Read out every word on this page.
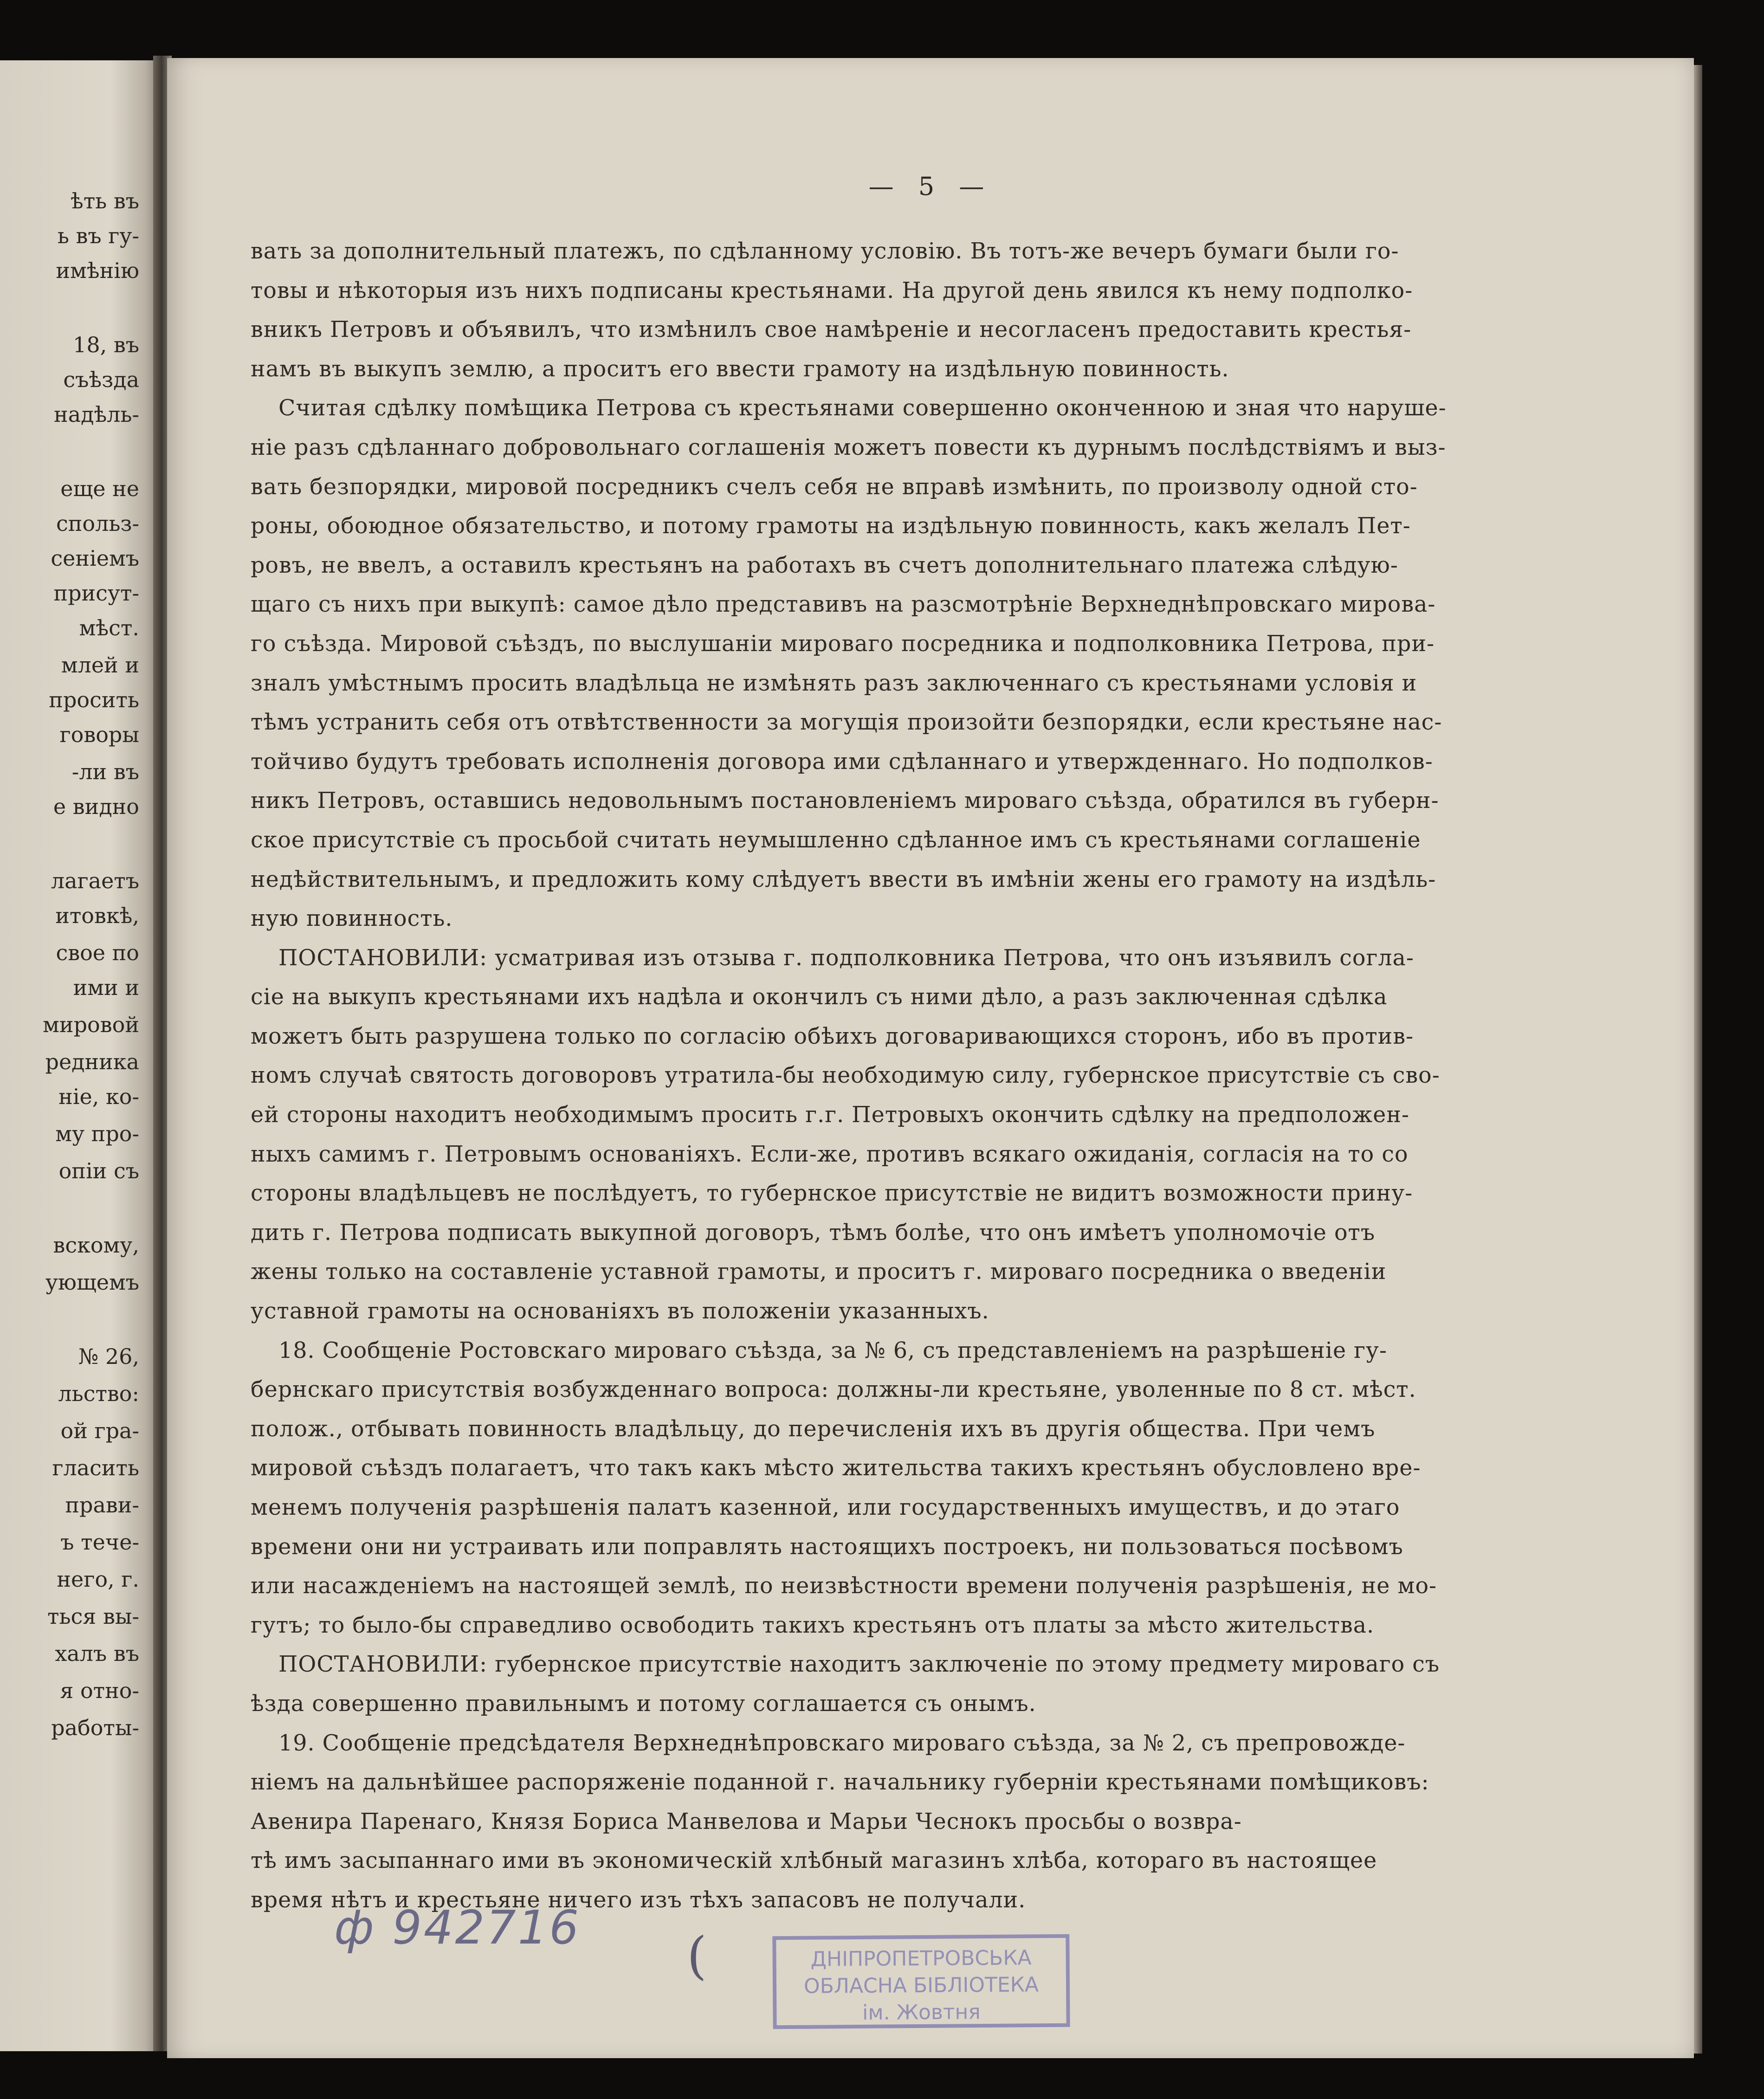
ѣть въ
ь въ гу-
имѣнію
18, въ
съѣзда
надѣль-
еще не
спольз-
сеніемъ
присут-
мѣст.
млей и
просить
говоры
-ли въ
е видно
лагаетъ
итовкѣ,
свое по
ими и
мировой
редника
ніе, ко-
му про-
опіи съ
вскому,
ующемъ
№ 26,
льство:
ой гра-
гласить
прави-
ъ тече-
него, г.
ться вы-
халъ въ
я отно-
работы-
— 5 —
вать за дополнительный платежъ, по сдѣланному условію. Въ тотъ-же вечеръ бумаги были го-
товы и нѣкоторыя изъ нихъ подписаны крестьянами. На другой день явился къ нему подполко-
вникъ Петровъ и объявилъ, что измѣнилъ свое намѣреніе и несогласенъ предоставить крестья-
намъ въ выкупъ землю, а проситъ его ввести грамоту на издѣльную повинность.
Считая сдѣлку помѣщика Петрова съ крестьянами совершенно оконченною и зная что наруше-
ніе разъ сдѣланнаго добровольнаго соглашенія можетъ повести къ дурнымъ послѣдствіямъ и выз-
вать безпорядки, мировой посредникъ счелъ себя не вправѣ измѣнить, по произволу одной сто-
роны, обоюдное обязательство, и потому грамоты на издѣльную повинность, какъ желалъ Пет-
ровъ, не ввелъ, а оставилъ крестьянъ на работахъ въ счетъ дополнительнаго платежа слѣдую-
щаго съ нихъ при выкупѣ: самое дѣло представивъ на разсмотрѣніе Верхнеднѣпровскаго мирова-
го съѣзда. Мировой съѣздъ, по выслушаніи мироваго посредника и подполковника Петрова, при-
зналъ умѣстнымъ просить владѣльца не измѣнять разъ заключеннаго съ крестьянами условія и
тѣмъ устранить себя отъ отвѣтственности за могущія произойти безпорядки, если крестьяне нас-
тойчиво будутъ требовать исполненія договора ими сдѣланнаго и утвержденнаго. Но подполков-
никъ Петровъ, оставшись недовольнымъ постановленіемъ мироваго съѣзда, обратился въ губерн-
ское присутствіе съ просьбой считать неумышленно сдѣланное имъ съ крестьянами соглашеніе
недѣйствительнымъ, и предложить кому слѣдуетъ ввести въ имѣніи жены его грамоту на издѣль-
ную повинность.
ПОСТАНОВИЛИ: усматривая изъ отзыва г. подполковника Петрова, что онъ изъявилъ согла-
сіе на выкупъ крестьянами ихъ надѣла и окончилъ съ ними дѣло, а разъ заключенная сдѣлка
можетъ быть разрушена только по согласію обѣихъ договаривающихся сторонъ, ибо въ против-
номъ случаѣ святость договоровъ утратила-бы необходимую силу, губернское присутствіе съ сво-
ей стороны находитъ необходимымъ просить г.г. Петровыхъ окончить сдѣлку на предположен-
ныхъ самимъ г. Петровымъ основаніяхъ. Если-же, противъ всякаго ожиданія, согласія на то со
стороны владѣльцевъ не послѣдуетъ, то губернское присутствіе не видитъ возможности прину-
дить г. Петрова подписать выкупной договоръ, тѣмъ болѣе, что онъ имѣетъ уполномочіе отъ
жены только на составленіе уставной грамоты, и проситъ г. мироваго посредника о введеніи
уставной грамоты на основаніяхъ въ положеніи указанныхъ.
18. Сообщеніе Ростовскаго мироваго съѣзда, за № 6, съ представленіемъ на разрѣшеніе гу-
бернскаго присутствія возбужденнаго вопроса: должны-ли крестьяне, уволенные по 8 ст. мѣст.
полож., отбывать повинность владѣльцу, до перечисленія ихъ въ другія общества. При чемъ
мировой съѣздъ полагаетъ, что такъ какъ мѣсто жительства такихъ крестьянъ обусловлено вре-
менемъ полученія разрѣшенія палатъ казенной, или государственныхъ имуществъ, и до этаго
времени они ни устраивать или поправлять настоящихъ построекъ, ни пользоваться посѣвомъ
или насажденіемъ на настоящей землѣ, по неизвѣстности времени полученія разрѣшенія, не мо-
гутъ; то было-бы справедливо освободить такихъ крестьянъ отъ платы за мѣсто жительства.
ПОСТАНОВИЛИ: губернское присутствіе находитъ заключеніе по этому предмету мироваго съ
ѣзда совершенно правильнымъ и потому соглашается съ онымъ.
19. Сообщеніе предсѣдателя Верхнеднѣпровскаго мироваго съѣзда, за № 2, съ препровожде-
ніемъ на дальнѣйшее распоряженіе поданной г. начальнику губерніи крестьянами помѣщиковъ:
Авенира Паренаго, Князя Бориса Манвелова и Марьи Чеснокъ просьбы о возвра-
тѣ имъ засыпаннаго ими въ экономическій хлѣбный магазинъ хлѣба, котораго въ настоящее
время нѣтъ и крестьяне ничего изъ тѣхъ запасовъ не получали.
ф 942716 (	ДНІПРОПЕТРОВСЬКА
ОБЛАСНА БІБЛІОТЕКА
ім. Жовтня
